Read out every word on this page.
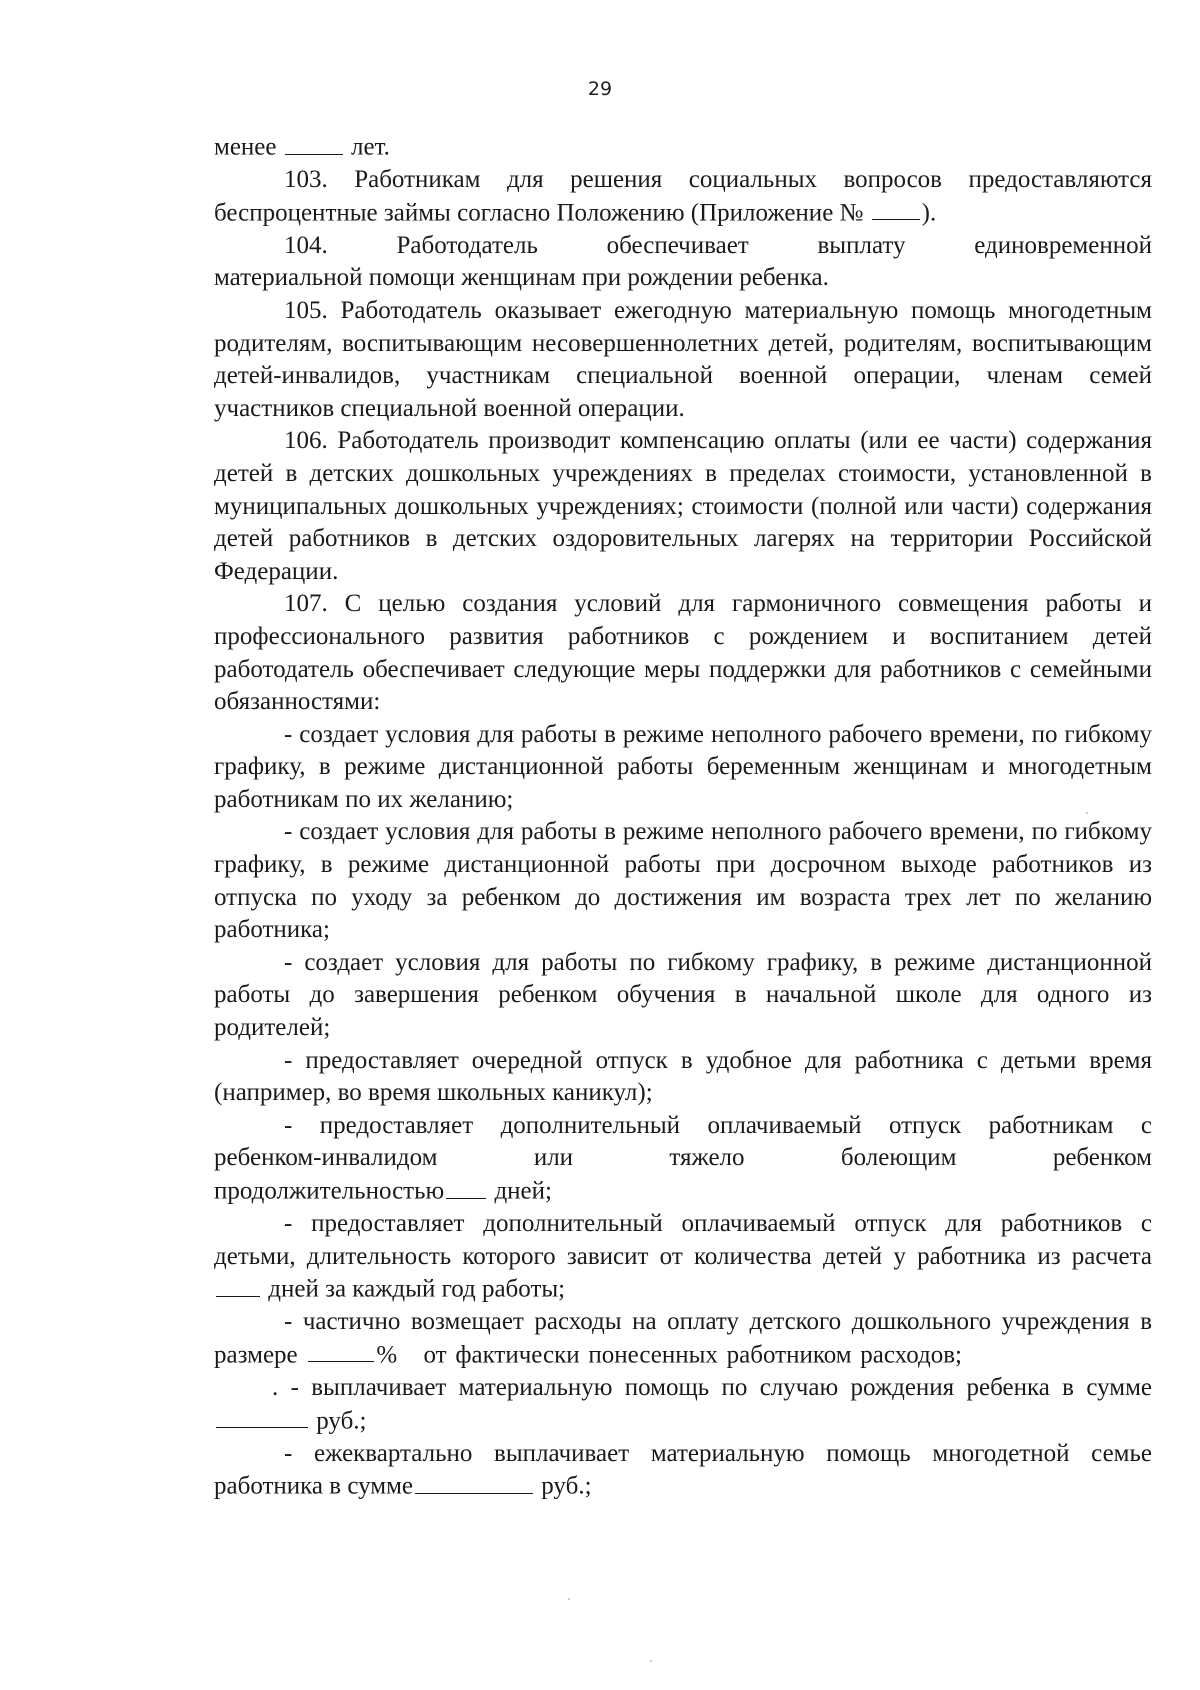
29

менее	лет.

103. Работникам для решения социальных вопросов предоставляются беспроцентные займы согласно Положению (Приложение № ).

104.	Работодатель	обеспечивает	выплату	единовременной

материальной помощи женщинам при рождении ребенка.

105. Работодатель оказывает ежегодную материальную помощь многодетным родителям, воспитывающим несовершеннолетних детей, родителям, воспитывающим детей-инвалидов, участникам специальной военной операции, членам семей участников специальной военной операции.

106. Работодатель производит компенсацию оплаты (или ее части) содержания детей в детских дошкольных учреждениях в пределах стоимости, установленной в муниципальных дошкольных учреждениях; стоимости (полной или части) содержания детей работников в детских оздоровительных лагерях на территории Российской Федерации.

107. С целью создания условий для гармоничного совмещения работы и профессионального развития работников с рождением и воспитанием детей работодатель обеспечивает следующие меры поддержки для работников с семейными обязанностями:

- создает условия для работы в режиме неполного рабочего времени, по гибкому графику, в режиме дистанционной работы беременным женщинам и многодетным работникам по их желанию;

- создает условия для работы в режиме неполного рабочего времени, по гибкому графику, в режиме дистанционной работы при досрочном выходе работников из отпуска по уходу за ребенком до достижения им возраста трех лет по желанию работника;

- создает условия для работы по гибкому графику, в режиме дистанционной работы до завершения ребенком обучения в начальной школе для одного из родителей;

- предоставляет очередной отпуск в удобное для работника с детьми время (например, во время школьных каникул);

- предоставляет дополнительный оплачиваемый отпуск работникам с

ребенком-инвалидом	или	тяжело	болеющим	ребенком

продолжительностью дней;

- предоставляет дополнительный оплачиваемый отпуск для работников с детьми, длительность которого зависит от количества детей у работника из расчета  дней за каждый год работы;

- частично возмещает расходы на оплату детского дошкольного учреждения в размере	% от фактически понесенных работником расходов;

. - выплачивает материальную помощь по случаю рождения ребенка в сумме  руб.;

- ежеквартально выплачивает материальную помощь многодетной семье работника в сумме	руб.;
